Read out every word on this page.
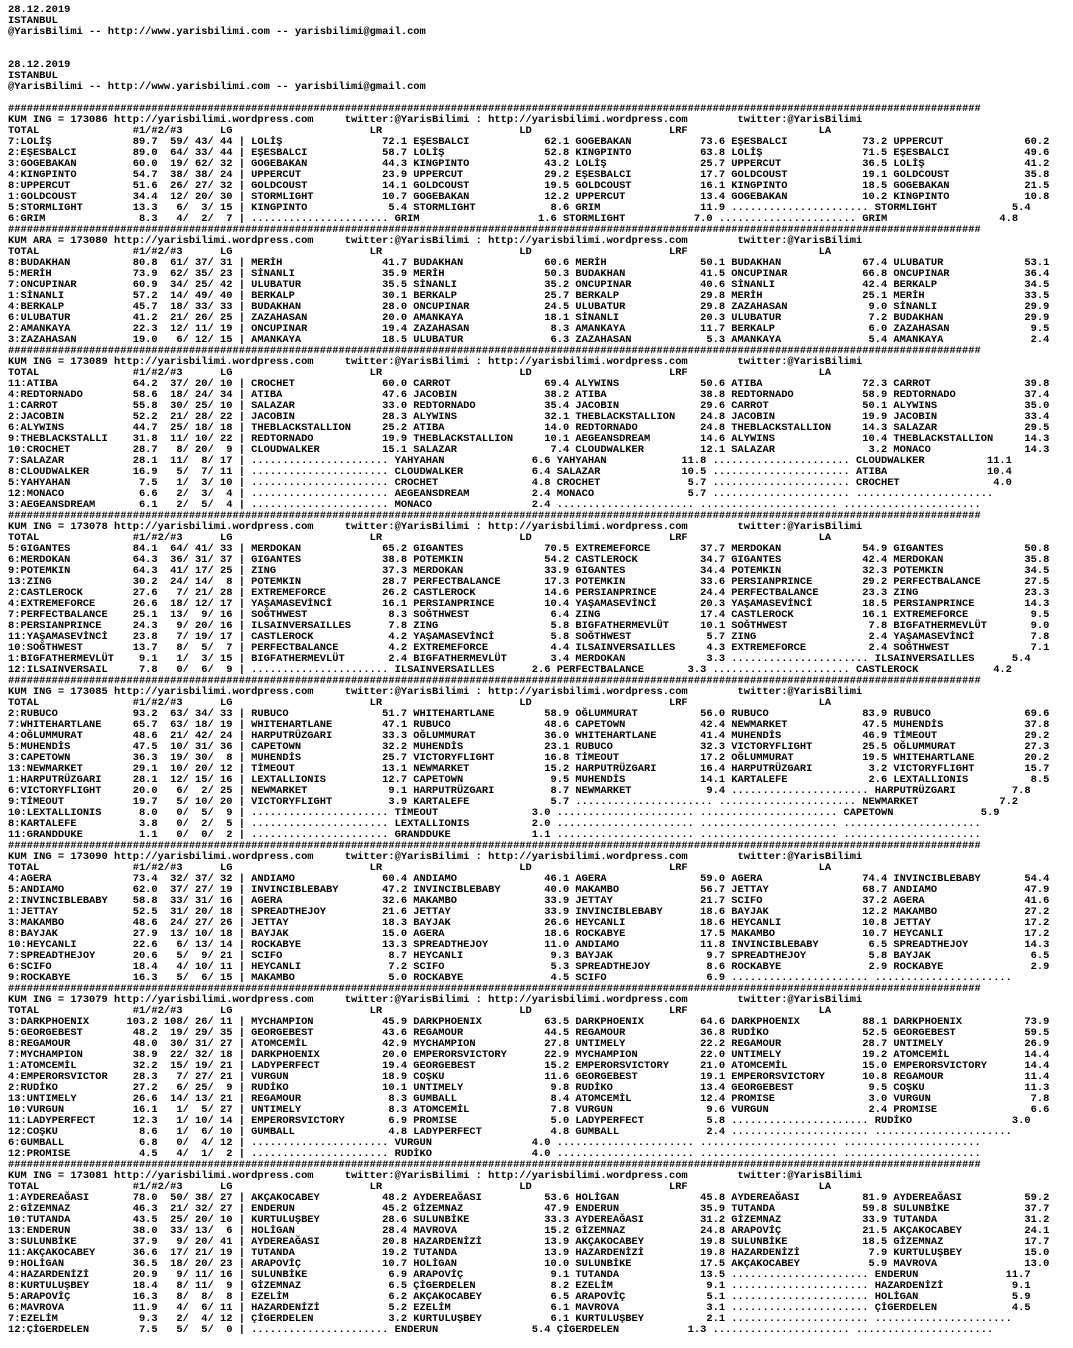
28.12.2019
ISTANBUL
@YarisBilimi -- http://www.yarisbilimi.com -- yarisbilimi@gmail.com

28.12.2019
ISTANBUL
@YarisBilimi -- http://www.yarisbilimi.com -- yarisbilimi@gmail.com

############################################################################################################################################################
KUM ING = 173086 http://yarisbilimi.wordpress.com     twitter:@YarisBilimi : http://yarisbilimi.wordpress.com        twitter:@YarisBilimi
TOTAL               #1/#2/#3      LG                      LR                      LD                      LRF                     LA
7:LOLİŞ             89.7  59/ 43/ 44 | LOLİŞ                72.1 EŞESBALCI            62.1 GOGEBAKAN           73.6 EŞESBALCI            73.2 UPPERCUT             60.2
2:EŞESBALCI         89.0  64/ 33/ 44 | EŞESBALCI            58.7 LOLİŞ                52.8 KINGPINTO           63.8 LOLİŞ                71.5 EŞESBALCI            49.6
3:GOGEBAKAN         60.0  19/ 62/ 32 | GOGEBAKAN            44.3 KINGPINTO            43.2 LOLİŞ               25.7 UPPERCUT             36.5 LOLİŞ                41.2
4:KINGPINTO         54.7  38/ 38/ 24 | UPPERCUT             23.9 UPPERCUT             29.2 EŞESBALCI           17.7 GOLDCOUST            19.1 GOLDCOUST            35.8
8:UPPERCUT          51.6  26/ 27/ 32 | GOLDCOUST            14.1 GOLDCOUST            19.5 GOLDCOUST           16.1 KINGPINTO            18.5 GOGEBAKAN            21.5
1:GOLDCOUST         34.4  12/ 20/ 30 | STORMLIGHT           10.7 GOGEBAKAN            12.2 UPPERCUT            13.4 GOGEBAKAN            10.2 KINGPINTO            10.8
5:STORMLIGHT        13.3   6/  3/ 15 | KINGPINTO             5.4 STORMLIGHT            8.6 GRIM                11.9 ...................... STORMLIGHT            5.4
6:GRIM               8.3   4/  2/  7 | ...................... GRIM                   1.6 STORMLIGHT           7.0 ...................... GRIM                  4.8
############################################################################################################################################################
KUM ARA = 173080 http://yarisbilimi.wordpress.com     twitter:@YarisBilimi : http://yarisbilimi.wordpress.com        twitter:@YarisBilimi
TOTAL               #1/#2/#3      LG                      LR                      LD                      LRF                     LA
8:BUDAKHAN          80.8  61/ 37/ 31 | MERİH                41.7 BUDAKHAN             60.6 MERİH               50.1 BUDAKHAN             67.4 ULUBATUR             53.1
5:MERİH             73.9  62/ 35/ 23 | SİNANLI              35.9 MERİH                50.3 BUDAKHAN            41.5 ONCUPINAR            66.8 ONCUPINAR            36.4
7:ONCUPINAR         60.9  34/ 25/ 42 | ULUBATUR             35.5 SİNANLI              35.2 ONCUPINAR           40.6 SİNANLI              42.4 BERKALP              34.5
1:SİNANLI           57.2  14/ 49/ 40 | BERKALP              30.1 BERKALP              25.7 BERKALP             29.8 MERİH                25.1 MERİH                33.5
4:BERKALP           45.7  18/ 33/ 33 | BUDAKHAN             28.0 ONCUPINAR            24.5 ULUBATUR            29.8 ZAZAHASAN             9.0 SİNANLI              29.9
6:ULUBATUR          41.2  21/ 26/ 25 | ZAZAHASAN            20.0 AMANKAYA             18.1 SİNANLI             20.3 ULUBATUR              7.2 BUDAKHAN             29.9
2:AMANKAYA          22.3  12/ 11/ 19 | ONCUPINAR            19.4 ZAZAHASAN             8.3 AMANKAYA            11.7 BERKALP               6.0 ZAZAHASAN             9.5
3:ZAZAHASAN         19.0   6/ 12/ 15 | AMANKAYA             18.5 ULUBATUR              6.3 ZAZAHASAN            5.3 AMANKAYA              5.4 AMANKAYA              2.4
############################################################################################################################################################
KUM ING = 173089 http://yarisbilimi.wordpress.com     twitter:@YarisBilimi : http://yarisbilimi.wordpress.com        twitter:@YarisBilimi
TOTAL               #1/#2/#3      LG                      LR                      LD                      LRF                     LA
11:ATIBA            64.2  37/ 20/ 10 | CROCHET              60.0 CARROT               69.4 ALYWINS             50.6 ATIBA                72.3 CARROT               39.8
4:REDTORNADO        58.6  18/ 24/ 34 | ATIBA                47.6 JACOBIN              38.2 ATIBA               38.8 REDTORNADO           58.9 REDTORNADO           37.4
1:CARROT            55.8  30/ 25/ 10 | SALAZAR              33.0 REDTORNADO           35.4 JACOBIN             29.6 CARROT               50.1 ALYWINS              35.0
2:JACOBIN           52.2  21/ 28/ 22 | JACOBIN              28.3 ALYWINS              32.1 THEBLACKSTALLION    24.8 JACOBIN              19.9 JACOBIN              33.4
6:ALYWINS           44.7  25/ 18/ 18 | THEBLACKSTALLION     25.2 ATIBA                14.0 REDTORNADO          24.8 THEBLACKSTALLION     14.3 SALAZAR              29.5
9:THEBLACKSTALLI    31.8  11/ 10/ 22 | REDTORNADO           19.9 THEBLACKSTALLION     10.1 AEGEANSDREAM        14.6 ALYWINS              10.4 THEBLACKSTALLION     14.3
10:CROCHET          28.7   8/ 20/  9 | CLOUDWALKER          15.1 SALAZAR               7.4 CLOUDWALKER         12.1 SALAZAR               3.2 MONACO               14.3
7:SALAZAR           28.1  11/  8/ 17 | ...................... YAHYAHAN              6.6 YAHYAHAN            11.8 ...................... CLOUDWALKER          11.1
8:CLOUDWALKER       16.9   5/  7/ 11 | ...................... CLOUDWALKER           6.4 SALAZAR             10.5 ...................... ATIBA                10.4
5:YAHYAHAN           7.5   1/  3/ 10 | ...................... CROCHET               4.8 CROCHET              5.7 ...................... CROCHET               4.0
12:MONACO            6.6   2/  3/  4 | ...................... AEGEANSDREAM          2.4 MONACO               5.7 ...................... ......................
3:AEGEANSDREAM       6.1   2/  5/  4 | ...................... MONACO                2.4 ...................... ...................... ......................
############################################################################################################################################################
KUM ING = 173078 http://yarisbilimi.wordpress.com     twitter:@YarisBilimi : http://yarisbilimi.wordpress.com        twitter:@YarisBilimi
TOTAL               #1/#2/#3      LG                      LR                      LD                      LRF                     LA
5:GIGANTES          84.1  64/ 41/ 33 | MERDOKAN             65.2 GIGANTES             70.5 EXTREMEFORCE        37.7 MERDOKAN             54.9 GIGANTES             50.8
6:MERDOKAN          64.3  36/ 31/ 37 | GIGANTES             38.8 POTEMKIN             54.2 CASTLEROCK          34.7 GIGANTES             42.4 MERDOKAN             35.8
9:POTEMKIN          64.3  41/ 17/ 25 | ZING                 37.3 MERDOKAN             33.9 GIGANTES            34.4 POTEMKIN             32.3 POTEMKIN             34.5
13:ZING             30.2  24/ 14/  8 | POTEMKIN             28.7 PERFECTBALANCE       17.3 POTEMKIN            33.6 PERSIANPRINCE        29.2 PERFECTBALANCE       27.5
2:CASTLEROCK        27.6   7/ 21/ 28 | EXTREMEFORCE         26.2 CASTLEROCK           14.6 PERSIANPRINCE       24.4 PERFECTBALANCE       23.3 ZING                 23.3
4:EXTREMEFORCE      26.6  18/ 12/ 17 | YAŞAMASEVİNCİ        16.1 PERSIANPRINCE        10.4 YAŞAMASEVİNCİ       20.3 YAŞAMASEVİNCİ        18.5 PERSIANPRINCE        14.3
7:PERFECTBALANCE    25.1  13/  9/ 16 | SOĞTHWEST             8.3 SOĞTHWEST             6.4 ZING                17.4 CASTLEROCK           16.1 EXTREMEFORCE          9.5
8:PERSIANPRINCE     24.3   9/ 20/ 16 | ILSAINVERSAILLES      7.8 ZING                  5.8 BIGFATHERMEVLÜT     10.1 SOĞTHWEST             7.8 BIGFATHERMEVLÜT       9.0
11:YAŞAMASEVİNCİ    23.8   7/ 19/ 17 | CASTLEROCK            4.2 YAŞAMASEVİNCİ         5.8 SOĞTHWEST            5.7 ZING                  2.4 YAŞAMASEVİNCİ         7.8
10:SOĞTHWEST        13.7   8/  5/  7 | PERFECTBALANCE        4.2 EXTREMEFORCE          4.4 ILSAINVERSAILLES     4.3 EXTREMEFORCE          2.4 SOĞTHWEST             7.1
1:BIGFATHERMEVLÜT    9.1   1/  3/ 15 | BIGFATHERMEVLÜT       2.4 BIGFATHERMEVLÜT       3.4 MERDOKAN             3.3 ...................... ILSAINVERSAILLES      5.4
12:ILSAINVERSAIL     7.8   0/  6/  9 | ...................... ILSAINVERSAILLES      2.6 PERFECTBALANCE       3.3 ...................... CASTLEROCK            4.2
############################################################################################################################################################
KUM ING = 173085 http://yarisbilimi.wordpress.com     twitter:@YarisBilimi : http://yarisbilimi.wordpress.com        twitter:@YarisBilimi
TOTAL               #1/#2/#3      LG                      LR                      LD                      LRF                     LA
2:RUBUCO            93.2  63/ 34/ 33 | RUBUCO               51.7 WHITEHARTLANE        58.9 OĞLUMMURAT          56.0 RUBUCO               83.9 RUBUCO               69.6
7:WHITEHARTLANE     65.7  63/ 18/ 19 | WHITEHARTLANE        47.1 RUBUCO               48.6 CAPETOWN            42.4 NEWMARKET            47.5 MUHENDİS             37.8
4:OĞLUMMURAT        48.6  21/ 42/ 24 | HARPUTRÜZGARI        33.3 OĞLUMMURAT           36.0 WHITEHARTLANE       41.4 MUHENDİS             46.9 TİMEOUT              29.2
5:MUHENDİS          47.5  10/ 31/ 36 | CAPETOWN             32.2 MUHENDİS             23.1 RUBUCO              32.3 VICTORYFLIGHT        25.5 OĞLUMMURAT           27.3
3:CAPETOWN          36.3  19/ 30/  8 | MUHENDİS             25.7 VICTORYFLIGHT        16.8 TİMEOUT             17.2 OĞLUMMURAT           19.5 WHITEHARTLANE        20.2
13:NEWMARKET        29.1  10/ 20/ 12 | TİMEOUT              13.1 NEWMARKET            15.2 HARPUTRÜZGARI       16.4 HARPUTRÜZGARI         3.2 VICTORYFLIGHT        15.7
1:HARPUTRÜZGARI     28.1  12/ 15/ 16 | LEXTALLIONIS         12.7 CAPETOWN              9.5 MUHENDİS            14.1 KARTALEFE             2.6 LEXTALLIONIS          8.5
6:VICTORYFLIGHT     20.0   6/  2/ 25 | NEWMARKET             9.1 HARPUTRÜZGARI         8.7 NEWMARKET            9.4 ...................... HARPUTRÜZGARI         7.8
9:TİMEOUT           19.7   5/ 10/ 20 | VICTORYFLIGHT         3.9 KARTALEFE             5.7 ...................... ...................... NEWMARKET             7.2
10:LEXTALLIONIS      8.0   0/  5/  9 | ...................... TİMEOUT               3.0 ...................... ...................... CAPETOWN              5.9
8:KARTALEFE          3.8   0/  2/  5 | ...................... LEXTALLIONIS          2.0 ...................... ...................... ......................
11:GRANDDUKE         1.1   0/  0/  2 | ...................... GRANDDUKE             1.1 ...................... ...................... ......................
############################################################################################################################################################
KUM ING = 173090 http://yarisbilimi.wordpress.com     twitter:@YarisBilimi : http://yarisbilimi.wordpress.com        twitter:@YarisBilimi
TOTAL               #1/#2/#3      LG                      LR                      LD                      LRF                     LA
4:AGERA             73.4  32/ 37/ 32 | ANDIAMO              60.4 ANDIAMO              46.1 AGERA               59.0 AGERA                74.4 INVINCIBLEBABY       54.4
5:ANDIAMO           62.0  37/ 27/ 19 | INVINCIBLEBABY       47.2 INVINCIBLEBABY       40.0 MAKAMBO             56.7 JETTAY               68.7 ANDIAMO              47.9
2:INVINCIBLEBABY    58.8  33/ 31/ 16 | AGERA                32.6 MAKAMBO              33.9 JETTAY              21.7 SCIFO                37.2 AGERA                41.6
1:JETTAY            52.5  31/ 20/ 18 | SPREADTHEJOY         21.6 JETTAY               33.9 INVINCIBLEBABY      18.6 BAYJAK               12.2 MAKAMBO              27.2
3:MAKAMBO           48.6  24/ 27/ 26 | JETTAY               18.3 BAYJAK               26.6 HEYCANLI            18.6 HEYCANLI             10.8 JETTAY               17.2
8:BAYJAK            27.9  13/ 10/ 18 | BAYJAK               15.0 AGERA                18.6 ROCKABYE            17.5 MAKAMBO              10.7 HEYCANLI             17.2
10:HEYCANLI         22.6   6/ 13/ 14 | ROCKABYE             13.3 SPREADTHEJOY         11.0 ANDIAMO             11.8 INVINCIBLEBABY        6.5 SPREADTHEJOY         14.3
7:SPREADTHEJOY      20.6   5/  9/ 21 | SCIFO                 8.7 HEYCANLI              9.3 BAYJAK               9.7 SPREADTHEJOY          5.8 BAYJAK                6.5
6:SCIFO             18.4   4/ 10/ 11 | HEYCANLI              7.2 SCIFO                 5.3 SPREADTHEJOY         8.6 ROCKABYE              2.9 ROCKABYE              2.9
9:ROCKABYE          16.3   5/  6/ 15 | MAKAMBO               5.0 ROCKABYE              4.5 SCIFO                6.9 ...................... ......................
############################################################################################################################################################
KUM ING = 173079 http://yarisbilimi.wordpress.com     twitter:@YarisBilimi : http://yarisbilimi.wordpress.com        twitter:@YarisBilimi
TOTAL               #1/#2/#3      LG                      LR                      LD                      LRF                     LA
3:DARKPHOENIX      103.2 108/ 26/ 11 | MYCHAMPION           45.9 DARKPHOENIX          63.5 DARKPHOENIX         64.6 DARKPHOENIX          88.1 DARKPHOENIX          73.9
5:GEORGEBEST        48.2  19/ 29/ 35 | GEORGEBEST           43.6 REGAMOUR             44.5 REGAMOUR            36.8 RUDİKO               52.5 GEORGEBEST           59.5
8:REGAMOUR          48.0  30/ 31/ 27 | ATOMCEMİL            42.9 MYCHAMPION           27.8 UNTIMELY            22.2 REGAMOUR             28.7 UNTIMELY             26.9
7:MYCHAMPION        38.9  22/ 32/ 18 | DARKPHOENIX          20.0 EMPERORSVICTORY      22.9 MYCHAMPION          22.0 UNTIMELY             19.2 ATOMCEMİL            14.4
1:ATOMCEMİL         32.2  15/ 19/ 21 | LADYPERFECT          19.4 GEORGEBEST           15.2 EMPERORSVICTORY     21.0 ATOMCEMİL            15.0 EMPERORSVICTORY      14.4
4:EMPERORSVICTOR    28.3   7/ 27/ 21 | VURGUN               18.9 COŞKU                11.6 GEORGEBEST          19.1 EMPERORSVICTORY      10.8 REGAMOUR             11.4
2:RUDİKO            27.2   6/ 25/  9 | RUDİKO               10.1 UNTIMELY              9.8 RUDİKO              13.4 GEORGEBEST            9.5 COŞKU                11.3
13:UNTIMELY         26.6  14/ 13/ 21 | REGAMOUR              8.3 GUMBALL               8.4 ATOMCEMİL           12.4 PROMISE               3.0 VURGUN                7.8
10:VURGUN           16.1   1/  5/ 27 | UNTIMELY              8.3 ATOMCEMİL             7.8 VURGUN               9.6 VURGUN                2.4 PROMISE               6.6
11:LADYPERFECT      12.3   1/ 10/ 14 | EMPERORSVICTORY       6.9 PROMISE               5.0 LADYPERFECT          5.8 ...................... RUDİKO                3.0
12:COŞKU             8.6   1/  6/ 10 | GUMBALL               4.8 LADYPERFECT           4.8 GUMBALL              2.4 ...................... ......................
6:GUMBALL            6.8   0/  4/ 12 | ...................... VURGUN                4.0 ...................... ...................... ......................
12:PROMISE           4.5   4/  1/  2 | ...................... RUDİKO                4.0 ...................... ...................... ......................
############################################################################################################################################################
KUM ING = 173081 http://yarisbilimi.wordpress.com     twitter:@YarisBilimi : http://yarisbilimi.wordpress.com        twitter:@YarisBilimi
TOTAL               #1/#2/#3      LG                      LR                      LD                      LRF                     LA
1:AYDEREAĞASI       78.0  50/ 38/ 27 | AKÇAKOCABEY          48.2 AYDEREAĞASI          53.6 HOLİGAN             45.8 AYDEREAĞASI          81.9 AYDEREAĞASI          59.2
2:GİZEMNAZ          46.3  21/ 32/ 27 | ENDERUN              45.2 GİZEMNAZ             47.9 ENDERUN             35.9 TUTANDA              59.8 SULUNBİKE            37.7
10:TUTANDA          43.5  25/ 20/ 10 | KURTULUŞBEY          28.6 SULUNBİKE            33.3 AYDEREAĞASI         31.2 GİZEMNAZ             33.9 TUTANDA              31.2
13:ENDERUN          38.0  33/ 13/  6 | HOLİGAN              28.4 MAVROVA              15.2 GİZEMNAZ            24.8 ARAPOVİÇ             21.5 AKÇAKOCABEY          24.1
3:SULUNBİKE         37.9   9/ 20/ 41 | AYDEREAĞASI          20.8 HAZARDENİZİ          13.9 AKÇAKOCABEY         19.8 SULUNBİKE            18.5 GİZEMNAZ             17.7
11:AKÇAKOCABEY      36.6  17/ 21/ 19 | TUTANDA              19.2 TUTANDA              13.9 HAZARDENİZİ         19.8 HAZARDENİZİ           7.9 KURTULUŞBEY          15.0
9:HOLİGAN           36.5  18/ 20/ 23 | ARAPOVİÇ             10.7 HOLİGAN              10.0 SULUNBİKE           17.5 AKÇAKOCABEY           5.9 MAVROVA              13.0
4:HAZARDENİZİ       20.9   9/ 11/ 16 | SULUNBİKE             6.9 ARAPOVİÇ              9.1 TUTANDA             13.5 ...................... ENDERUN              11.7
8:KURTULUŞBEY       18.4   8/ 11/  9 | GİZEMNAZ              6.5 ÇİGERDELEN            8.2 EZELİM               9.1 ...................... HAZARDENİZİ           9.1
5:ARAPOVİÇ          16.3   8/  8/  8 | EZELİM                6.2 AKÇAKOCABEY           6.5 ARAPOVİÇ             5.1 ...................... HOLİGAN               5.9
6:MAVROVA           11.9   4/  6/ 11 | HAZARDENİZİ           5.2 EZELİM                6.1 MAVROVA              3.1 ...................... ÇİGERDELEN            4.5
7:EZELİM             9.3   2/  4/ 12 | ÇİGERDELEN            3.2 KURTULUŞBEY           6.1 KURTULUŞBEY          2.1 ...................... ......................
12:ÇİGERDELEN        7.5   5/  5/  0 | ...................... ENDERUN               5.4 ÇİGERDELEN           1.3 ...................... ......................
